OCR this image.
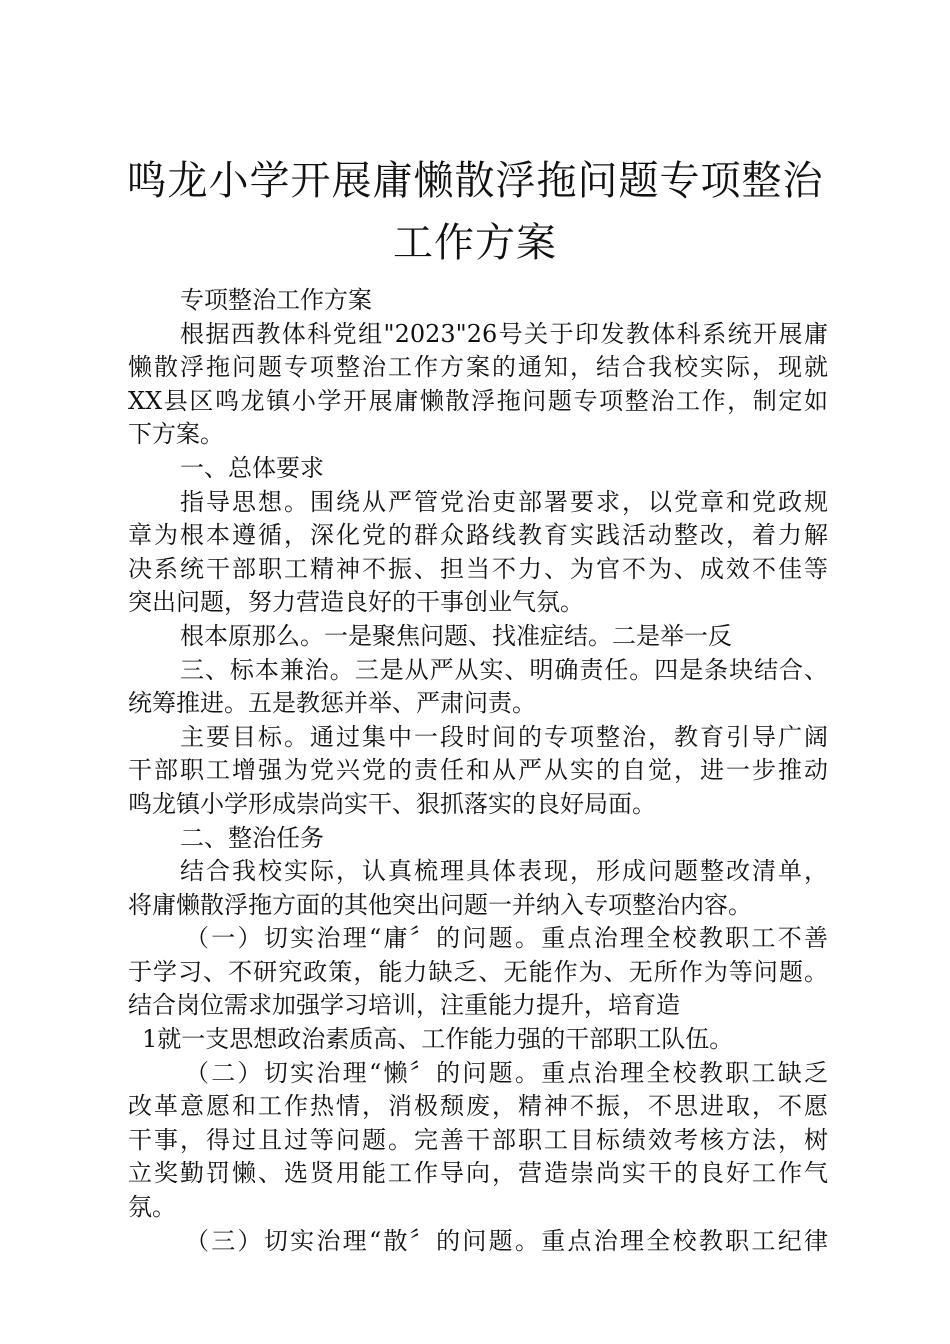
鸣龙小学开展庸懒散浮拖问题专项整治工作方案
专项整治工作方案
根据西教体科党组"2023"26号关于印发教体科系统开展庸
懒散浮拖问题专项整治工作方案的通知，结合我校实际，现就
XX县区鸣龙镇小学开展庸懒散浮拖问题专项整治工作，制定如
下方案。
一、总体要求
指导思想。围绕从严管党治吏部署要求，以党章和党政规
章为根本遵循，深化党的群众路线教育实践活动整改，着力解
决系统干部职工精神不振、担当不力、为官不为、成效不佳等
突出问题，努力营造良好的干事创业气氛。
根本原那么。一是聚焦问题、找准症结。二是举一反
三、标本兼治。三是从严从实、明确责任。四是条块结合、
统筹推进。五是教惩并举、严肃问责。
主要目标。通过集中一段时间的专项整治，教育引导广阔
干部职工增强为党兴党的责任和从严从实的自觉，进一步推动
鸣龙镇小学形成崇尚实干、狠抓落实的良好局面。
二、整治任务
结合我校实际，认真梳理具体表现，形成问题整改清单，
将庸懒散浮拖方面的其他突出问题一并纳入专项整治内容。
（一）切实治理“庸〞的问题。重点治理全校教职工不善
于学习、不研究政策，能力缺乏、无能作为、无所作为等问题。
结合岗位需求加强学习培训，注重能力提升，培育造
1就一支思想政治素质高、工作能力强的干部职工队伍。
（二）切实治理“懒〞的问题。重点治理全校教职工缺乏
改革意愿和工作热情，消极颓废，精神不振，不思进取，不愿
干事，得过且过等问题。完善干部职工目标绩效考核方法，树
立奖勤罚懒、选贤用能工作导向，营造崇尚实干的良好工作气
氛。
（三）切实治理“散〞的问题。重点治理全校教职工纪律
